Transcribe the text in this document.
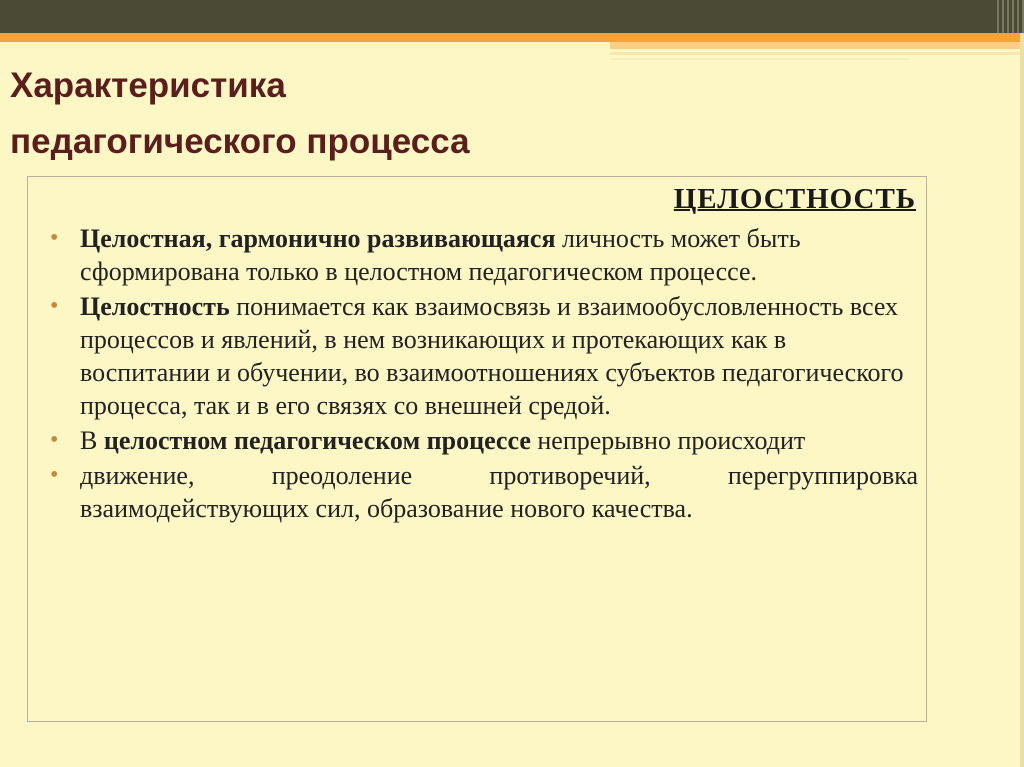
Характеристика
педагогического процесса
ЦЕЛОСТНОСТЬ
• Целостная, гармонично развивающаяся личность может быть сформирована только в целостном педагогическом процессе.
• Целостность понимается как взаимосвязь и взаимообусловленность всех процессов и явлений, в нем возникающих и протекающих как в воспитании и обучении, во взаимоотношениях субъектов педагогического процесса, так и в его связях со внешней средой.
• В целостном педагогическом процессе непрерывно происходит
• движение, преодоление противоречий, перегруппировка взаимодействующих сил, образование нового качества.
